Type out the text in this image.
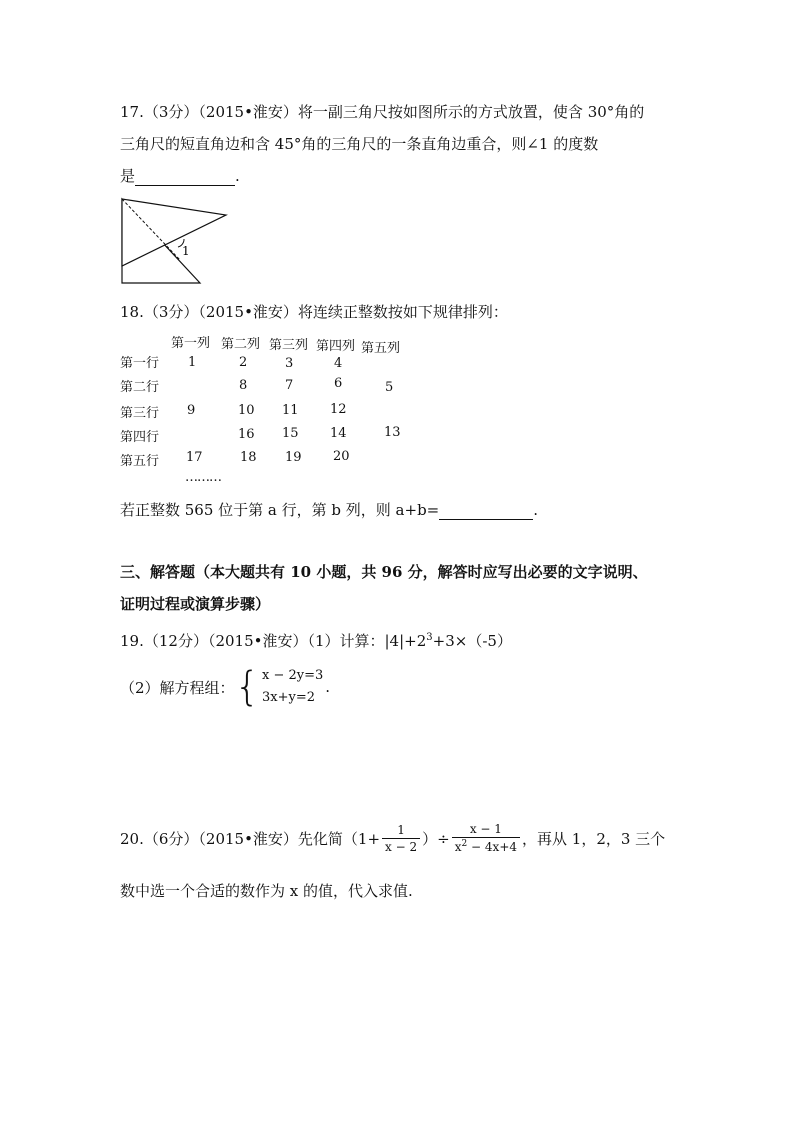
17.（3分）（2015•淮安）将一副三角尺按如图所示的方式放置，使含 30°角的
三角尺的短直角边和含 45°角的三角尺的一条直角边重合，则∠1 的度数
是	.
1
18.（3分）（2015•淮安）将连续正整数按如下规律排列：
第一列 第二列 第三列 第四列 第五列
第一行 1	2	3	4
第二行	8	7	6	5
第三行 9	10 11 12
第四行	16 15 14	13
第五行 17	18 19 20
………
若正整数 565 位于第 a 行，第 b 列，则 a+b=	.
三、解答题（本大题共有 10 小题，共 96 分，解答时应写出必要的文字说明、
证明过程或演算步骤）
19.（12分）（2015•淮安）（1）计算：$|4|+2^3+3\times(-5)$
（2）解方程组： { x − 2y=3
3x+y=2
.
20.（6分）（2015•淮安）先化简（$1+ \frac{1}{x - 2}$ ）÷ $\frac{x - 1}{x^2 - 4x+4}$ ，再从 1，2，3 三个
数中选一个合适的数作为 x 的值，代入求值.
